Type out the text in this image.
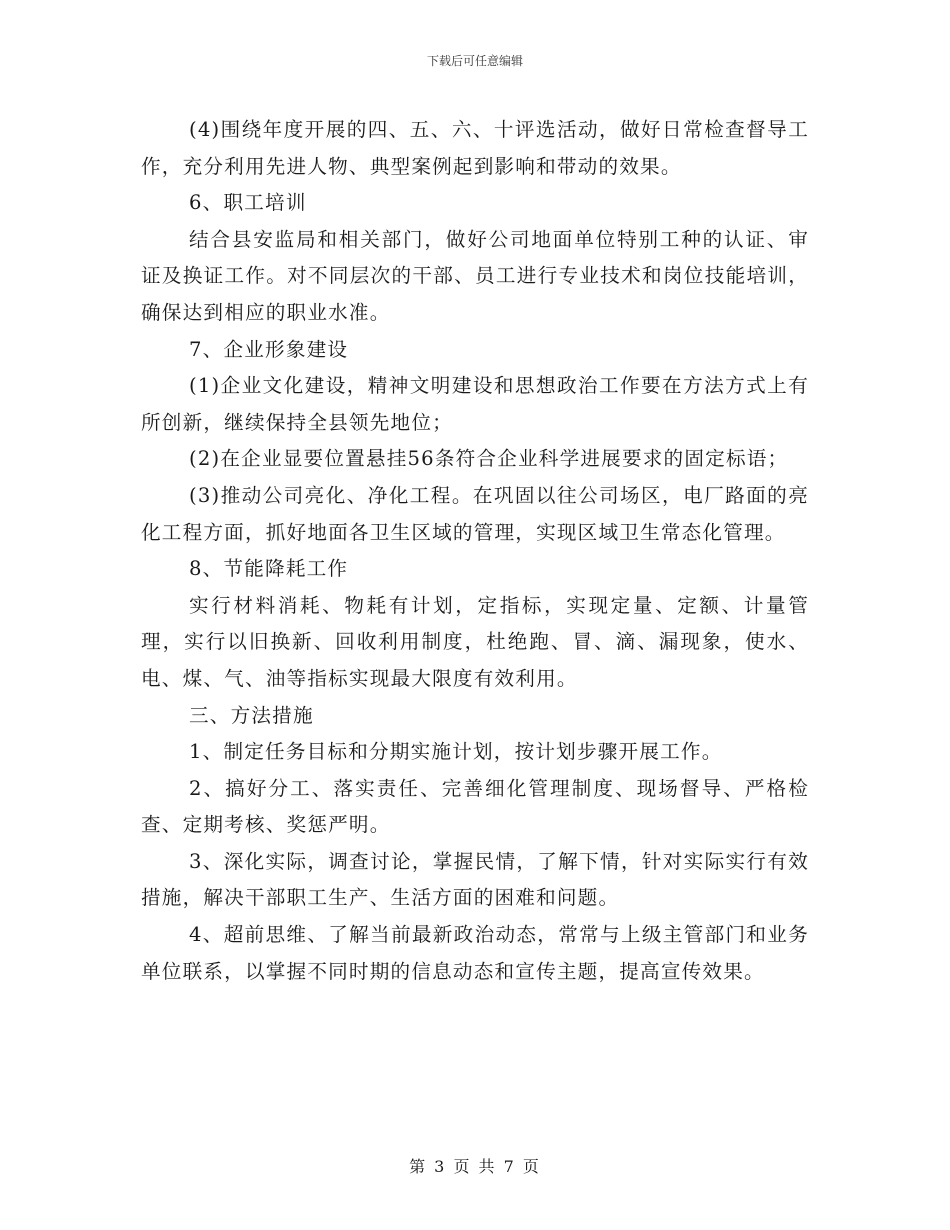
下载后可任意编辑

(4)围绕年度开展的四、五、六、十评选活动，做好日常检查督导工作，充分利用先进人物、典型案例起到影响和带动的效果。

6、职工培训

结合县安监局和相关部门，做好公司地面单位特别工种的认证、审证及换证工作。对不同层次的干部、员工进行专业技术和岗位技能培训，确保达到相应的职业水准。

7、企业形象建设

(1)企业文化建设，精神文明建设和思想政治工作要在方法方式上有所创新，继续保持全县领先地位；

(2)在企业显要位置悬挂56条符合企业科学进展要求的固定标语；

(3)推动公司亮化、净化工程。在巩固以往公司场区，电厂路面的亮化工程方面，抓好地面各卫生区域的管理，实现区域卫生常态化管理。

8、节能降耗工作

实行材料消耗、物耗有计划，定指标，实现定量、定额、计量管理，实行以旧换新、回收利用制度，杜绝跑、冒、滴、漏现象，使水、电、煤、气、油等指标实现最大限度有效利用。

三、方法措施

1、制定任务目标和分期实施计划，按计划步骤开展工作。

2、搞好分工、落实责任、完善细化管理制度、现场督导、严格检查、定期考核、奖惩严明。

3、深化实际，调查讨论，掌握民情，了解下情，针对实际实行有效措施，解决干部职工生产、生活方面的困难和问题。

4、超前思维、了解当前最新政治动态，常常与上级主管部门和业务单位联系，以掌握不同时期的信息动态和宣传主题，提高宣传效果。

第 3 页 共 7 页
